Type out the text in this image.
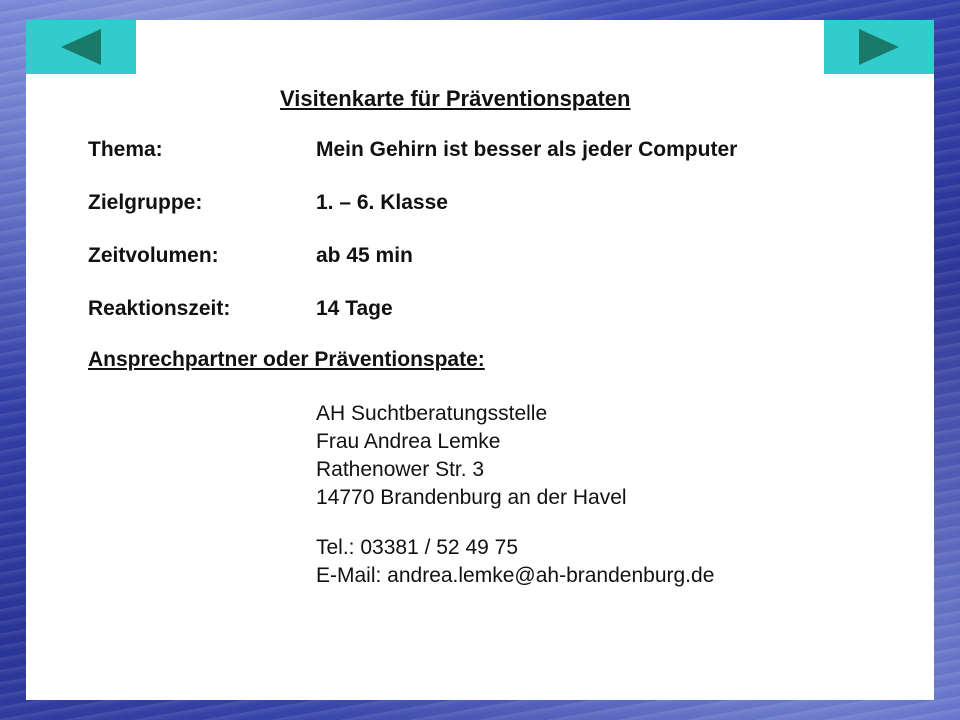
Visitenkarte für Präventionspaten
Thema:	Mein Gehirn ist besser als jeder Computer
Zielgruppe:	1. – 6. Klasse
Zeitvolumen:	ab 45 min
Reaktionszeit:	14 Tage
Ansprechpartner oder Präventionspate:
AH Suchtberatungsstelle
Frau Andrea Lemke
Rathenower Str. 3
14770 Brandenburg an der Havel
Tel.: 03381 / 52 49 75
E-Mail: andrea.lemke@ah-brandenburg.de
